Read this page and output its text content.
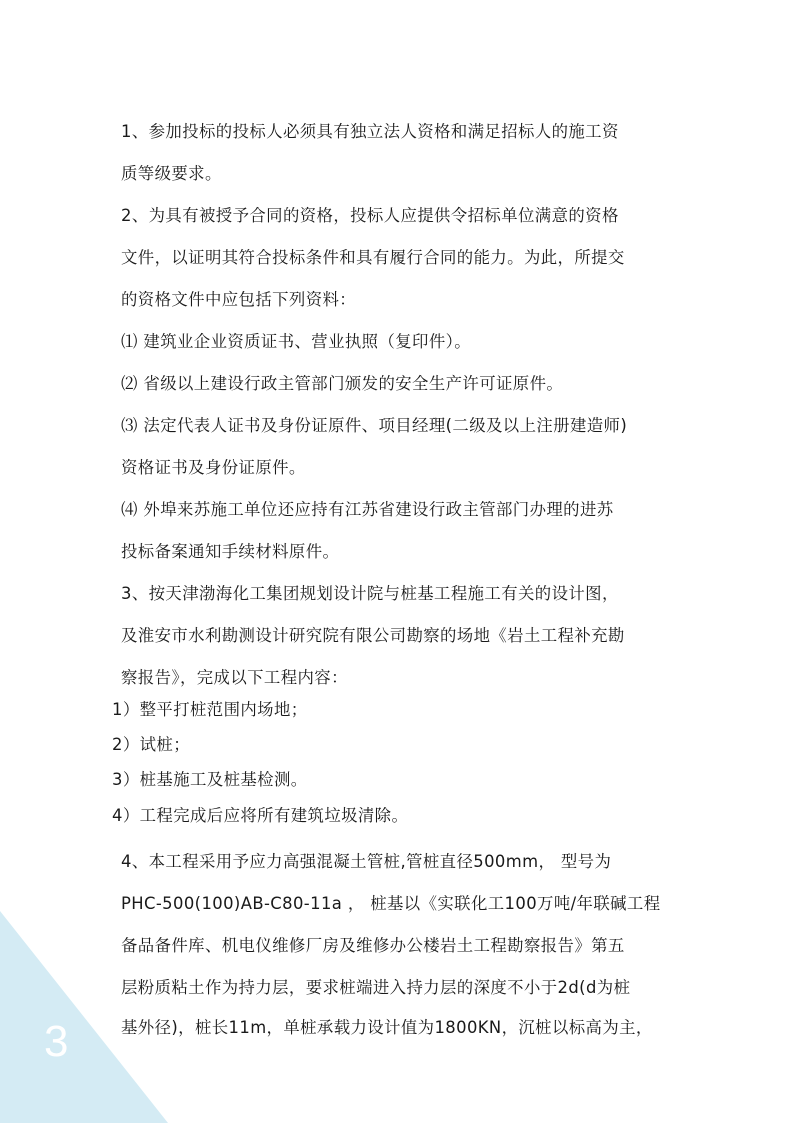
3

1、参加投标的投标人必须具有独立法人资格和满足招标人的施工资

质等级要求。

2、为具有被授予合同的资格，投标人应提供令招标单位满意的资格

文件，以证明其符合投标条件和具有履行合同的能力。为此，所提交

的资格文件中应包括下列资料：

⑴ 建筑业企业资质证书、营业执照（复印件）。

⑵ 省级以上建设行政主管部门颁发的安全生产许可证原件。

⑶ 法定代表人证书及身份证原件、项目经理(二级及以上注册建造师)

资格证书及身份证原件。

⑷ 外埠来苏施工单位还应持有江苏省建设行政主管部门办理的进苏

投标备案通知手续材料原件。

3、按天津渤海化工集团规划设计院与桩基工程施工有关的设计图，

及淮安市水利勘测设计研究院有限公司勘察的场地《岩土工程补充勘

察报告》，完成以下工程内容：

1）整平打桩范围内场地；

2）试桩；

3）桩基施工及桩基检测。

4）工程完成后应将所有建筑垃圾清除。

4、本工程采用予应力高强混凝土管桩,管桩直径500mm， 型号为

PHC-500(100)AB-C80-11a ， 桩基以《实联化工100万吨/年联碱工程

备品备件库、机电仪维修厂房及维修办公楼岩土工程勘察报告》第五

层粉质粘土作为持力层，要求桩端进入持力层的深度不小于2d(d为桩

基外径)，桩长11m，单桩承载力设计值为1800KN，沉桩以标高为主，
